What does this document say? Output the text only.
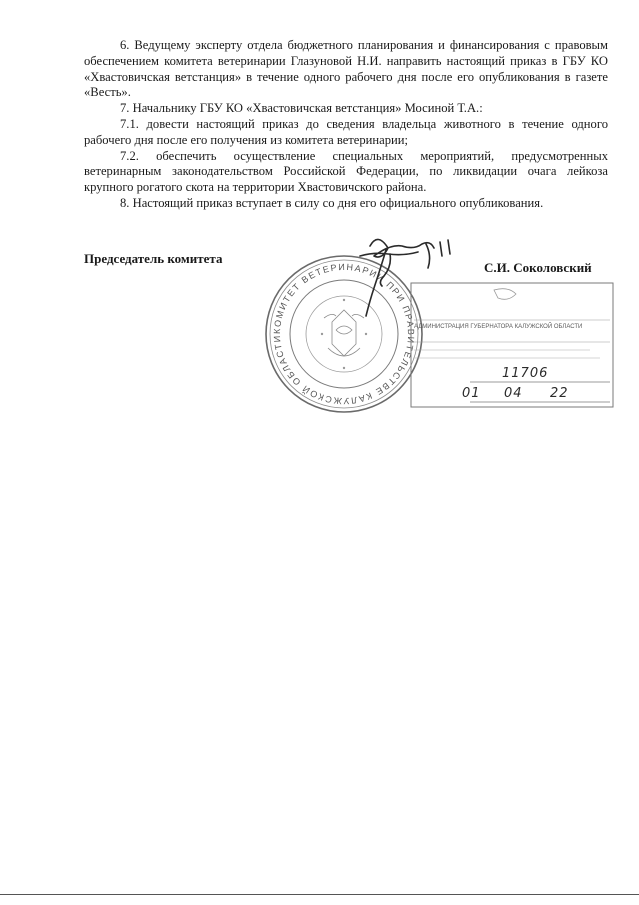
6. Ведущему эксперту отдела бюджетного планирования и финансирования с правовым обеспечением комитета ветеринарии Глазуновой Н.И. направить настоящий приказ в ГБУ КО «Хвастовичская ветстанция» в течение одного рабочего дня после его опубликования в газете «Весть».

7. Начальнику ГБУ КО «Хвастовичская ветстанция» Мосиной Т.А.:

7.1. довести настоящий приказ до сведения владельца животного в течение одного рабочего дня после его получения из комитета ветеринарии;

7.2. обеспечить осуществление специальных мероприятий, предусмотренных ветеринарным законодательством Российской Федерации, по ликвидации очага лейкоза крупного рогатого скота на территории Хвастовичского района.

8. Настоящий приказ вступает в силу со дня его официального опубликования.

Председатель комитета
С.И. Соколовский
КОМИТЕТ ВЕТЕРИНАРИИ ПРИ ПРАВИТЕЛЬСТВЕ КАЛУЖСКОЙ ОБЛАСТИ
АДМИНИСТРАЦИЯ ГУБЕРНАТОРА КАЛУЖСКОЙ ОБЛАСТИ
11706
01 04 22
